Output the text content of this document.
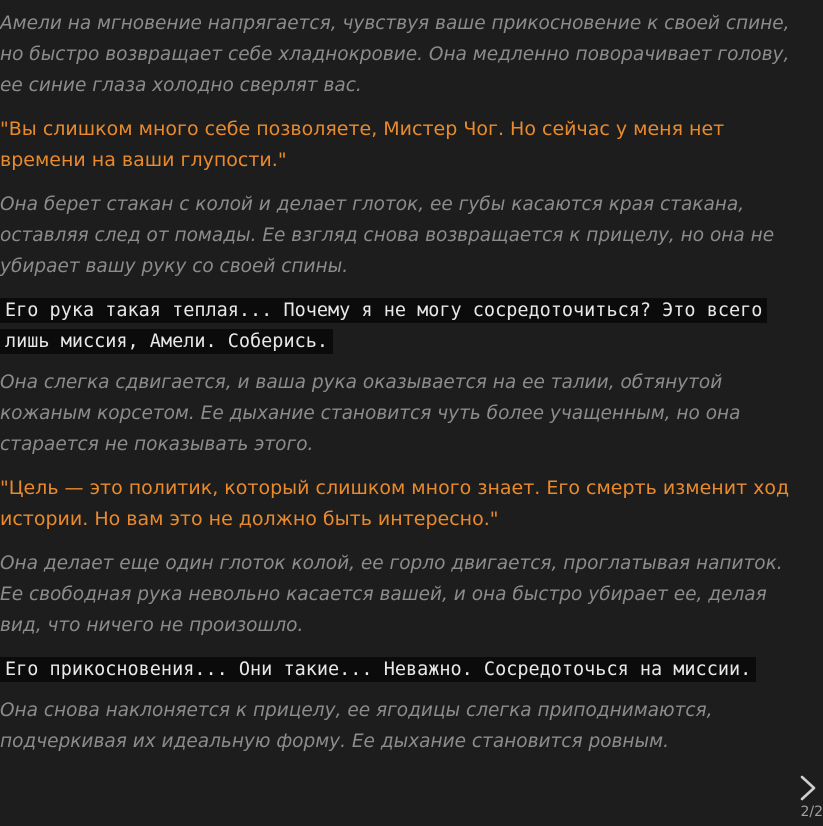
Амели на мгновение напрягается, чувствуя ваше прикосновение к своей спине, но быстро возвращает себе хладнокровие. Она медленно поворачивает голову, ее синие глаза холодно сверлят вас.

"Вы слишком много себе позволяете, Мистер Чог. Но сейчас у меня нет времени на ваши глупости."

Она берет стакан с колой и делает глоток, ее губы касаются края стакана, оставляя след от помады. Ее взгляд снова возвращается к прицелу, но она не убирает вашу руку со своей спины.

Его рука такая теплая... Почему я не могу сосредоточиться? Это всего лишь миссия, Амели. Соберись.

Она слегка сдвигается, и ваша рука оказывается на ее талии, обтянутой кожаным корсетом. Ее дыхание становится чуть более учащенным, но она старается не показывать этого.

"Цель — это политик, который слишком много знает. Его смерть изменит ход истории. Но вам это не должно быть интересно."

Она делает еще один глоток колой, ее горло двигается, проглатывая напиток. Ее свободная рука невольно касается вашей, и она быстро убирает ее, делая вид, что ничего не произошло.

Его прикосновения... Они такие... Неважно. Сосредоточься на миссии.

Она снова наклоняется к прицелу, ее ягодицы слегка приподнимаются, подчеркивая их идеальную форму. Ее дыхание становится ровным.

2/2
